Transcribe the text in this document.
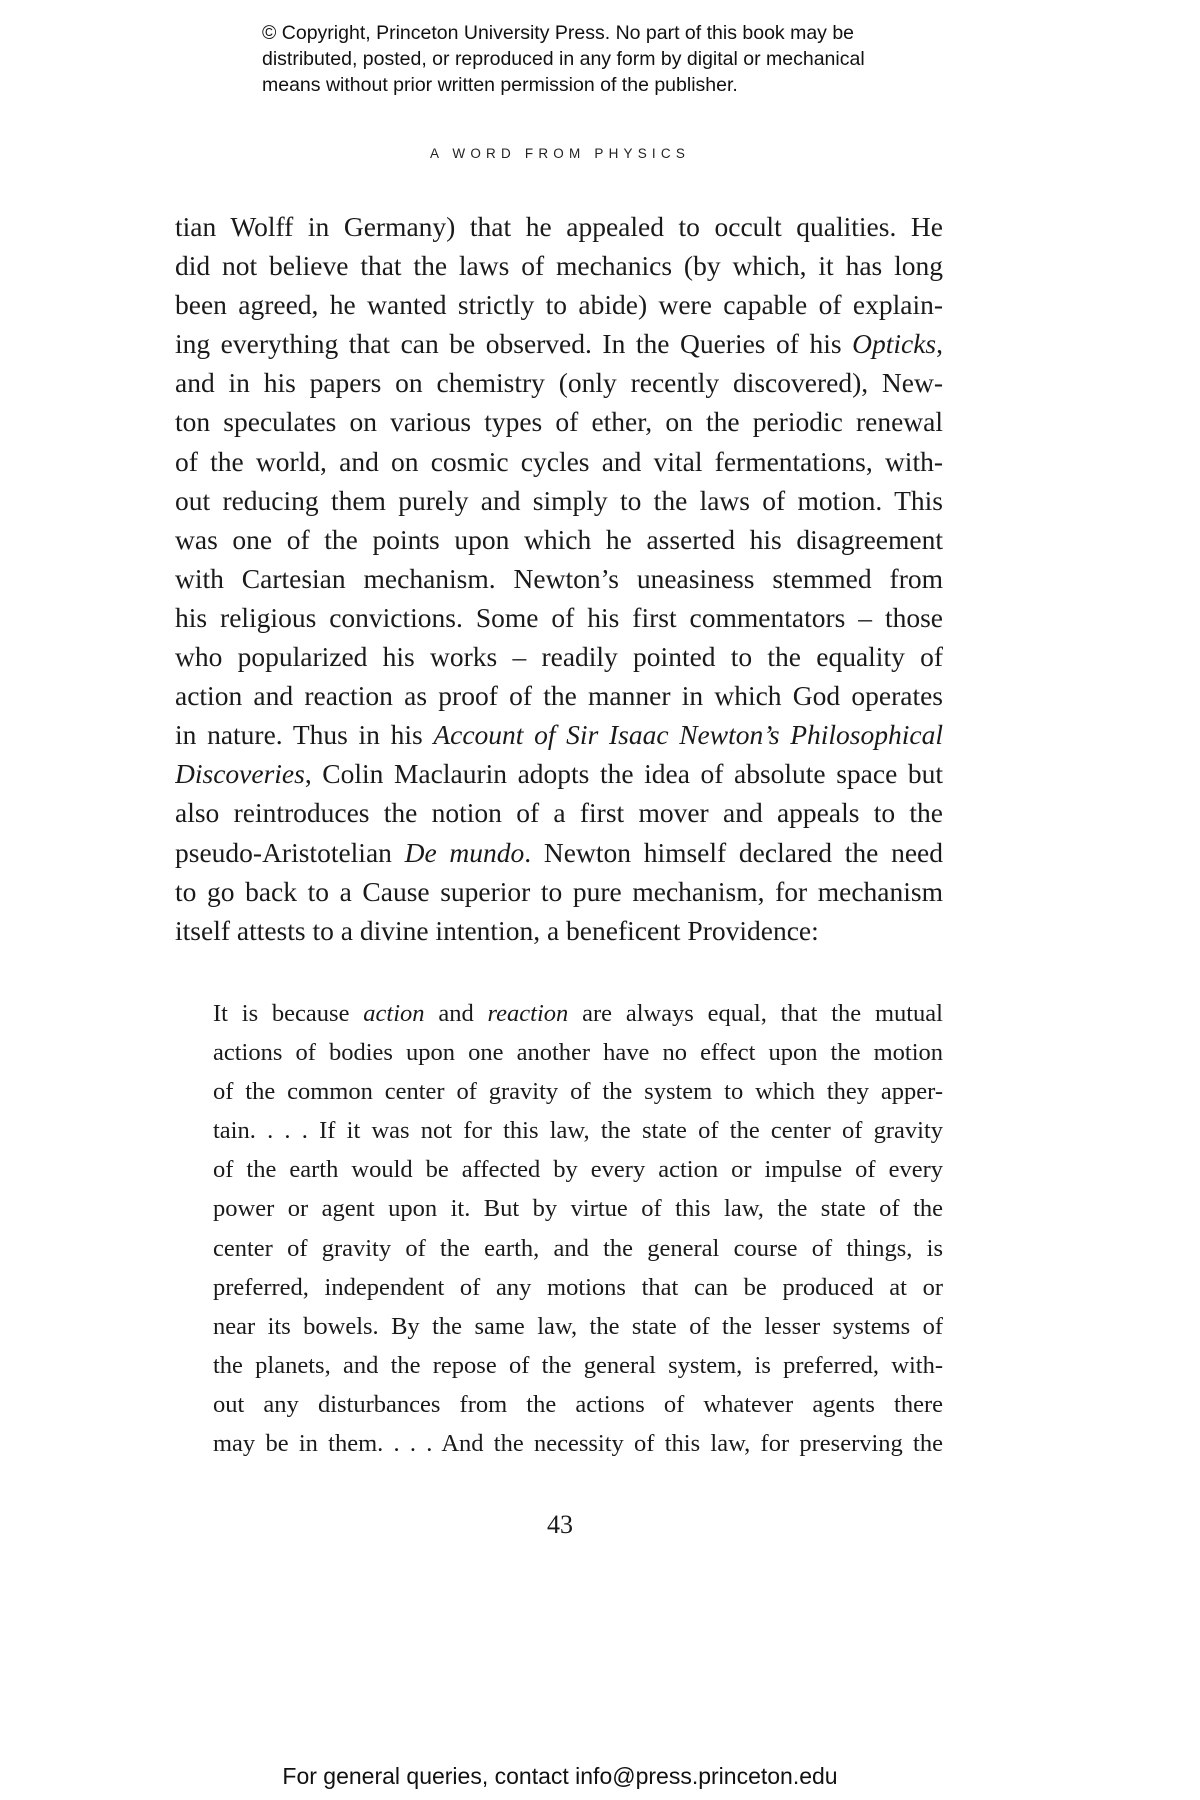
© Copyright, Princeton University Press. No part of this book may be
distributed, posted, or reproduced in any form by digital or mechanical
means without prior written permission of the publisher.
A WORD FROM PHYSICS
tian Wolff in Germany) that he appealed to occult qualities. He
did not believe that the laws of mechanics (by which, it has long
been agreed, he wanted strictly to abide) were capable of explain-
ing everything that can be observed. In the Queries of his Opticks,
and in his papers on chemistry (only recently discovered), New-
ton speculates on various types of ether, on the periodic renewal
of the world, and on cosmic cycles and vital fermentations, with-
out reducing them purely and simply to the laws of motion. This
was one of the points upon which he asserted his disagreement
with Cartesian mechanism. Newton’s uneasiness stemmed from
his religious convictions. Some of his first commentators – those
who popularized his works – readily pointed to the equality of
action and reaction as proof of the manner in which God operates
in nature. Thus in his Account of Sir Isaac Newton’s Philosophical
Discoveries, Colin Maclaurin adopts the idea of absolute space but
also reintroduces the notion of a first mover and appeals to the
pseudo-Aristotelian De mundo. Newton himself declared the need
to go back to a Cause superior to pure mechanism, for mechanism
itself attests to a divine intention, a beneficent Providence:
It is because action and reaction are always equal, that the mutual
actions of bodies upon one another have no effect upon the motion
of the common center of gravity of the system to which they apper-
tain. . . . If it was not for this law, the state of the center of gravity
of the earth would be affected by every action or impulse of every
power or agent upon it. But by virtue of this law, the state of the
center of gravity of the earth, and the general course of things, is
preferred, independent of any motions that can be produced at or
near its bowels. By the same law, the state of the lesser systems of
the planets, and the repose of the general system, is preferred, with-
out any disturbances from the actions of whatever agents there
may be in them. . . . And the necessity of this law, for preserving the
43
For general queries, contact info@press.princeton.edu
